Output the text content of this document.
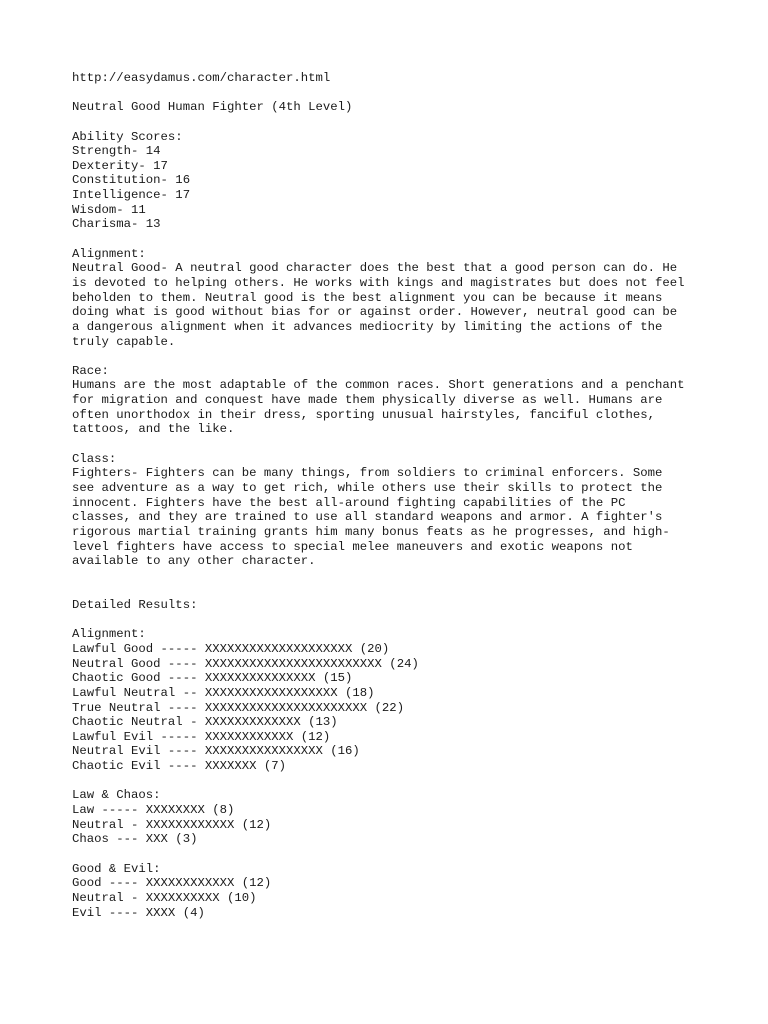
http://easydamus.com/character.html
Neutral Good Human Fighter (4th Level)
Ability Scores:
Strength- 14
Dexterity- 17
Constitution- 16
Intelligence- 17
Wisdom- 11
Charisma- 13
Alignment:
Neutral Good- A neutral good character does the best that a good person can do. He
is devoted to helping others. He works with kings and magistrates but does not feel
beholden to them. Neutral good is the best alignment you can be because it means
doing what is good without bias for or against order. However, neutral good can be
a dangerous alignment when it advances mediocrity by limiting the actions of the
truly capable.
Race:
Humans are the most adaptable of the common races. Short generations and a penchant
for migration and conquest have made them physically diverse as well. Humans are
often unorthodox in their dress, sporting unusual hairstyles, fanciful clothes,
tattoos, and the like.
Class:
Fighters- Fighters can be many things, from soldiers to criminal enforcers. Some
see adventure as a way to get rich, while others use their skills to protect the
innocent. Fighters have the best all-around fighting capabilities of the PC
classes, and they are trained to use all standard weapons and armor. A fighter's
rigorous martial training grants him many bonus feats as he progresses, and high-
level fighters have access to special melee maneuvers and exotic weapons not
available to any other character.
Detailed Results:
Alignment:
Lawful Good ----- XXXXXXXXXXXXXXXXXXXX (20)
Neutral Good ---- XXXXXXXXXXXXXXXXXXXXXXXX (24)
Chaotic Good ---- XXXXXXXXXXXXXXX (15)
Lawful Neutral -- XXXXXXXXXXXXXXXXXX (18)
True Neutral ---- XXXXXXXXXXXXXXXXXXXXXX (22)
Chaotic Neutral - XXXXXXXXXXXXX (13)
Lawful Evil ----- XXXXXXXXXXXX (12)
Neutral Evil ---- XXXXXXXXXXXXXXXX (16)
Chaotic Evil ---- XXXXXXX (7)
Law & Chaos:
Law ----- XXXXXXXX (8)
Neutral - XXXXXXXXXXXX (12)
Chaos --- XXX (3)
Good & Evil:
Good ---- XXXXXXXXXXXX (12)
Neutral - XXXXXXXXXX (10)
Evil ---- XXXX (4)
